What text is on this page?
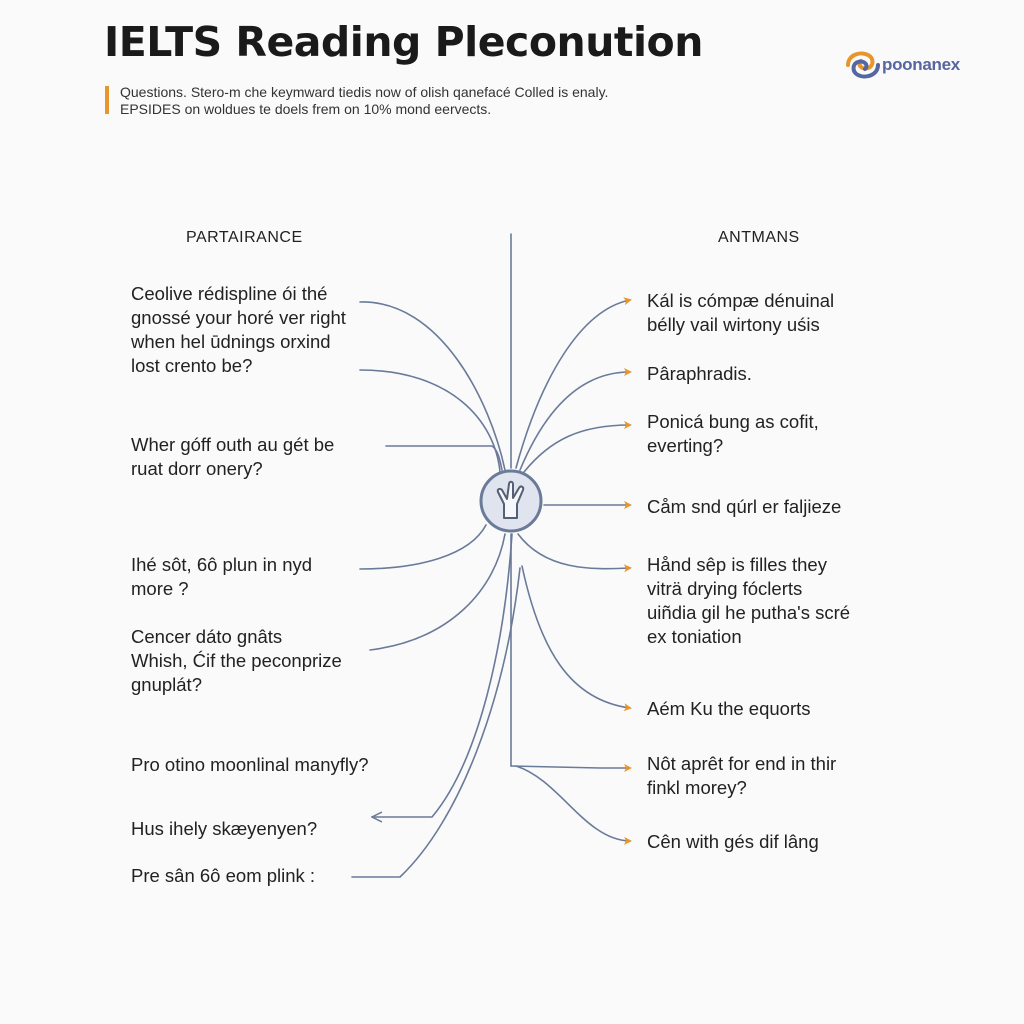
IELTS Reading Pleconution
Questions. Stero-m che keymward tiedis now of olish qanefacé Colled is enaly.
EPSIDES on woldues te doels frem on 10% mond eervects.
poonanex
PARTAIRANCE	ANTMANS
Ceolive rédispline ói thé
gnossé your horé ver right
when hel ūdnings orxind
lost crento be?
Wher góff outh au gét be
ruat dorr onery?
Ihé sôt, 6ô plun in nyd
more ?
Cencer dáto gnâts
Whish, Ćif the peconprize
gnuplát?
Pro otino moonlinal manyfly?
Hus ihely skæyenyen?
Pre sân 6ô eom plink :
Kál is cómpæ dénuinal
bélly vail wirtony uśis
Pâraphradis.
Ponicá bung as cofit,
everting?
Cåm snd qúrl er faljieze
Hånd sêp is filles they
viträ drying fóclerts
uiñdia gil he putha's scré
ex toniation
Aém Ku the equorts
Nôt aprêt for end in thir
finkl morey?
Cên with gés dif lâng
